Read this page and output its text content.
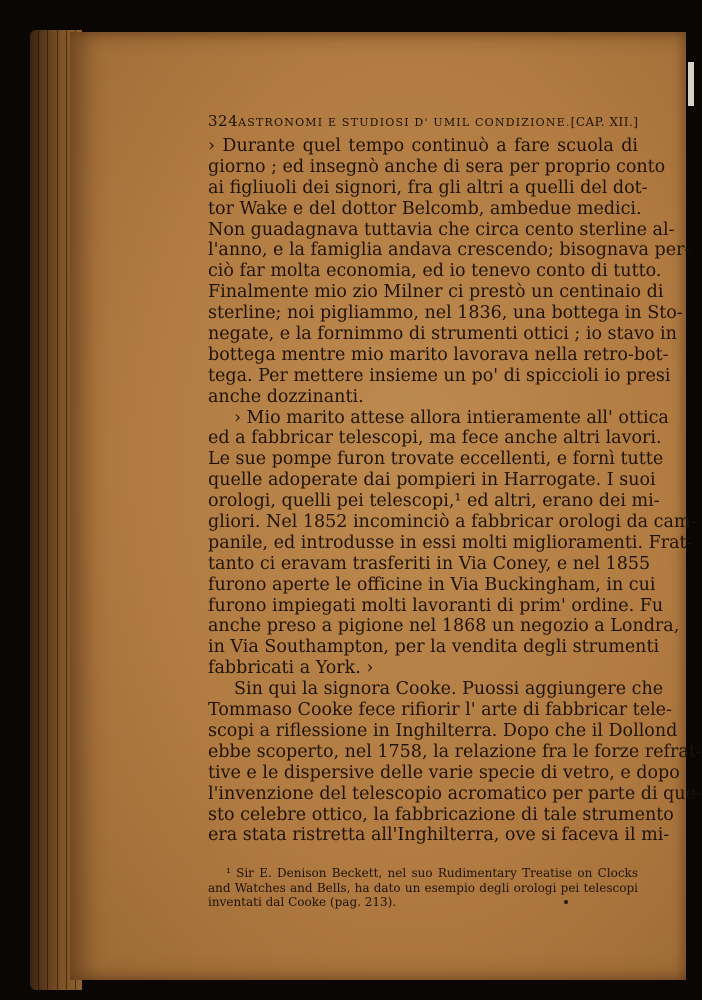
324 ASTRONOMI E STUDIOSI D' UMIL CONDIZIONE. [CAP. XII.]
› Durante quel tempo continuò a fare scuola di
giorno ; ed insegnò anche di sera per proprio conto
ai figliuoli dei signori, fra gli altri a quelli del dot-
tor Wake e del dottor Belcomb, ambedue medici.
Non guadagnava tuttavia che circa cento sterline al-
l'anno, e la famiglia andava crescendo; bisognava per-
ciò far molta economia, ed io tenevo conto di tutto.
Finalmente mio zio Milner ci prestò un centinaio di
sterline; noi pigliammo, nel 1836, una bottega in Sto-
negate, e la fornimmo di strumenti ottici ; io stavo in
bottega mentre mio marito lavorava nella retro-bot-
tega. Per mettere insieme un po' di spiccioli io presi
anche dozzinanti.
› Mio marito attese allora intieramente all' ottica
ed a fabbricar telescopi, ma fece anche altri lavori.
Le sue pompe furon trovate eccellenti, e fornì tutte
quelle adoperate dai pompieri in Harrogate. I suoi
orologi, quelli pei telescopi,¹ ed altri, erano dei mi-
gliori. Nel 1852 incominciò a fabbricar orologi da cam-
panile, ed introdusse in essi molti miglioramenti. Frat-
tanto ci eravam trasferiti in Via Coney, e nel 1855
furono aperte le officine in Via Buckingham, in cui
furono impiegati molti lavoranti di prim' ordine. Fu
anche preso a pigione nel 1868 un negozio a Londra,
in Via Southampton, per la vendita degli strumenti
fabbricati a York. ›
Sin qui la signora Cooke. Puossi aggiungere che
Tommaso Cooke fece rifiorir l' arte di fabbricar tele-
scopi a riflessione in Inghilterra. Dopo che il Dollond
ebbe scoperto, nel 1758, la relazione fra le forze refrat-
tive e le dispersive delle varie specie di vetro, e dopo
l'invenzione del telescopio acromatico per parte di que-
sto celebre ottico, la fabbricazione di tale strumento
era stata ristretta all'Inghilterra, ove si faceva il mi-
¹ Sir E. Denison Beckett, nel suo Rudimentary Treatise on Clocks
and Watches and Bells, ha dato un esempio degli orologi pei telescopi
inventati dal Cooke (pag. 213).
